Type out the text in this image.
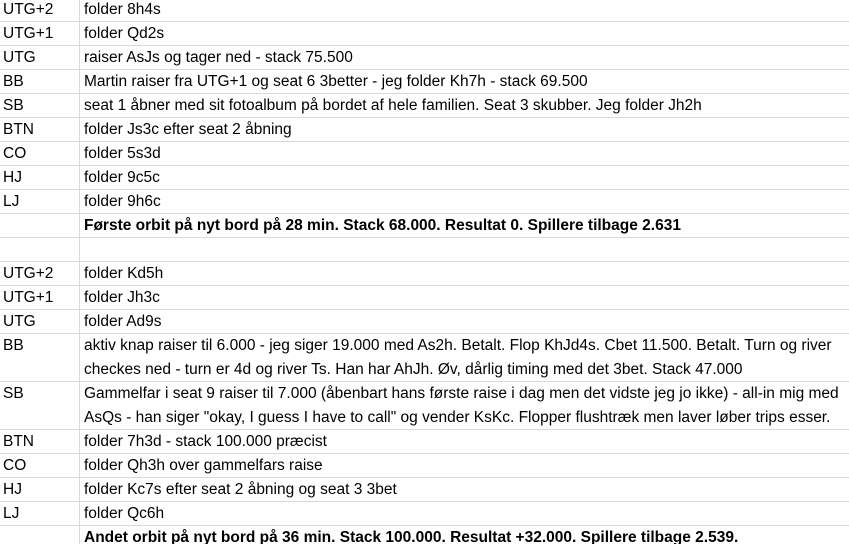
UTG+2	folder 8h4s
UTG+1	folder Qd2s
UTG	raiser AsJs og tager ned - stack 75.500
BB	Martin raiser fra UTG+1 og seat 6 3better - jeg folder Kh7h - stack 69.500
SB	seat 1 åbner med sit fotoalbum på bordet af hele familien. Seat 3 skubber. Jeg folder Jh2h
BTN	folder Js3c efter seat 2 åbning
CO	folder 5s3d
HJ	folder 9c5c
LJ	folder 9h6c
Første orbit på nyt bord på 28 min. Stack 68.000. Resultat 0. Spillere tilbage 2.631
UTG+2	folder Kd5h
UTG+1	folder Jh3c
UTG	folder Ad9s
BB	aktiv knap raiser til 6.000 - jeg siger 19.000 med As2h. Betalt. Flop KhJd4s. Cbet 11.500. Betalt. Turn og river checkes ned - turn er 4d og river Ts. Han har AhJh. Øv, dårlig timing med det 3bet. Stack 47.000
SB	Gammelfar i seat 9 raiser til 7.000 (åbenbart hans første raise i dag men det vidste jeg jo ikke) - all-in mig med AsQs - han siger "okay, I guess I have to call" og vender KsKc. Flopper flushtræk men laver løber trips esser.
BTN	folder 7h3d - stack 100.000 præcist
CO	folder Qh3h over gammelfars raise
HJ	folder Kc7s efter seat 2 åbning og seat 3 3bet
LJ	folder Qc6h
Andet orbit på nyt bord på 36 min. Stack 100.000. Resultat +32.000. Spillere tilbage 2.539.
